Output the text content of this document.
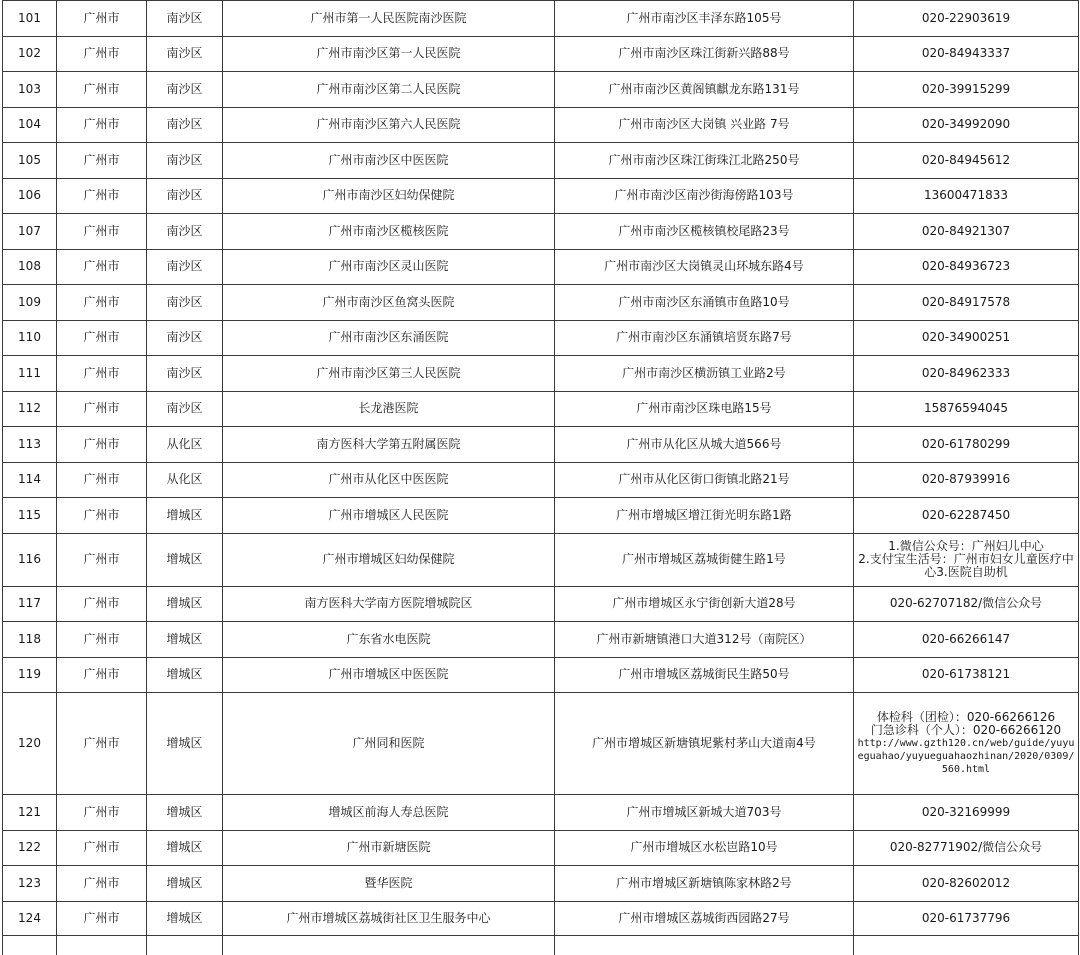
101	广州市	南沙区	广州市第一人民医院南沙医院	广州市南沙区丰泽东路105号	020-22903619

102	广州市	南沙区	广州市南沙区第一人民医院	广州市南沙区珠江街新兴路88号	020-84943337

103	广州市	南沙区	广州市南沙区第二人民医院	广州市南沙区黄阁镇麒龙东路131号	020-39915299

104	广州市	南沙区	广州市南沙区第六人民医院	广州市南沙区大岗镇 兴业路 7号	020-34992090

105	广州市	南沙区	广州市南沙区中医医院	广州市南沙区珠江街珠江北路250号	020-84945612

106	广州市	南沙区	广州市南沙区妇幼保健院	广州市南沙区南沙街海傍路103号	13600471833

107	广州市	南沙区	广州市南沙区榄核医院	广州市南沙区榄核镇校尾路23号	020-84921307

108	广州市	南沙区	广州市南沙区灵山医院	广州市南沙区大岗镇灵山环城东路4号	020-84936723

109	广州市	南沙区	广州市南沙区鱼窝头医院	广州市南沙区东涌镇市鱼路10号	020-84917578

110	广州市	南沙区	广州市南沙区东涌医院	广州市南沙区东涌镇培贤东路7号	020-34900251

111	广州市	南沙区	广州市南沙区第三人民医院	广州市南沙区横沥镇工业路2号	020-84962333

112	广州市	南沙区	长龙港医院	广州市南沙区珠电路15号	15876594045

113	广州市	从化区	南方医科大学第五附属医院	广州市从化区从城大道566号	020-61780299

114	广州市	从化区	广州市从化区中医医院	广州市从化区街口街镇北路21号	020-87939916

115	广州市	增城区	广州市增城区人民医院	广州市增城区增江街光明东路1路	020-62287450

116	广州市	增城区	广州市增城区妇幼保健院	广州市增城区荔城街健生路1号	1.微信公众号：广州妇儿中心
2.支付宝生活号：广州市妇女儿童医疗中
心3.医院自助机

117	广州市	增城区	南方医科大学南方医院增城院区	广州市增城区永宁街创新大道28号	020-62707182/微信公众号

118	广州市	增城区	广东省水电医院	广州市新塘镇港口大道312号（南院区）	020-66266147

119	广州市	增城区	广州市增城区中医医院	广州市增城区荔城街民生路50号	020-61738121

120	广州市	增城区	广州同和医院	广州市增城区新塘镇坭紫村茅山大道南4号	体检科（团检）：020-66266126
门急诊科（个人）：020-66266120
http://www.gzth120.cn/web/guide/yuyu
eguahao/yuyueguahaozhinan/2020/0309/
560.html

121	广州市	增城区	增城区前海人寿总医院	广州市增城区新城大道703号	020-32169999

122	广州市	增城区	广州市新塘医院	广州市增城区水松岜路10号	020-82771902/微信公众号

123	广州市	增城区	暨华医院	广州市增城区新塘镇陈家林路2号	020-82602012

124	广州市	增城区	广州市增城区荔城街社区卫生服务中心	广州市增城区荔城街西园路27号	020-61737796
